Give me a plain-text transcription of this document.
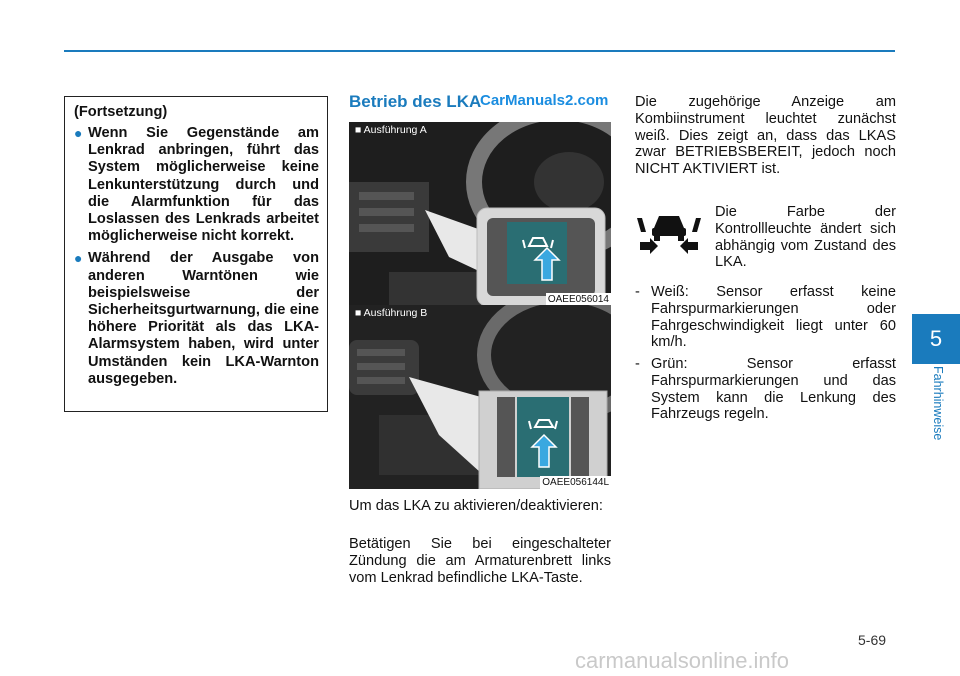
(Fortsetzung)
● Wenn Sie Gegenstände am Lenkrad anbringen, führt das System möglicherweise keine Lenkunterstützung durch und die Alarmfunktion für das Loslassen des Lenkrads arbeitet möglicherweise nicht korrekt.
● Während der Ausgabe von anderen Warntönen wie beispielsweise der Sicherheitsgurtwarnung, die eine höhere Priorität als das LKA-Alarmsystem haben, wird unter Umständen kein LKA-Warnton ausgegeben.
Betrieb des LKA
CarManuals2.com
■ Ausführung A
OAEE056014
■ Ausführung B
OAEE056144L
Um das LKA zu aktivieren/deaktivieren:
Betätigen Sie bei eingeschalteter Zündung die am Armaturenbrett links vom Lenkrad befindliche LKA-Taste.
Die zugehörige Anzeige am Kombiinstrument leuchtet zunächst weiß. Dies zeigt an, dass das LKAS zwar BETRIEBSBEREIT, jedoch noch NICHT AKTIVIERT ist.
Die Farbe der Kontrollleuchte ändert sich abhängig vom Zustand des LKA.
- Weiß: Sensor erfasst keine Fahrspurmarkierungen oder Fahrgeschwindigkeit liegt unter 60 km/h.
- Grün: Sensor erfasst Fahrspurmarkierungen und das System kann die Lenkung des Fahrzeugs regeln.
5
Fahrhinweise
5-69
carmanualsonline.info
